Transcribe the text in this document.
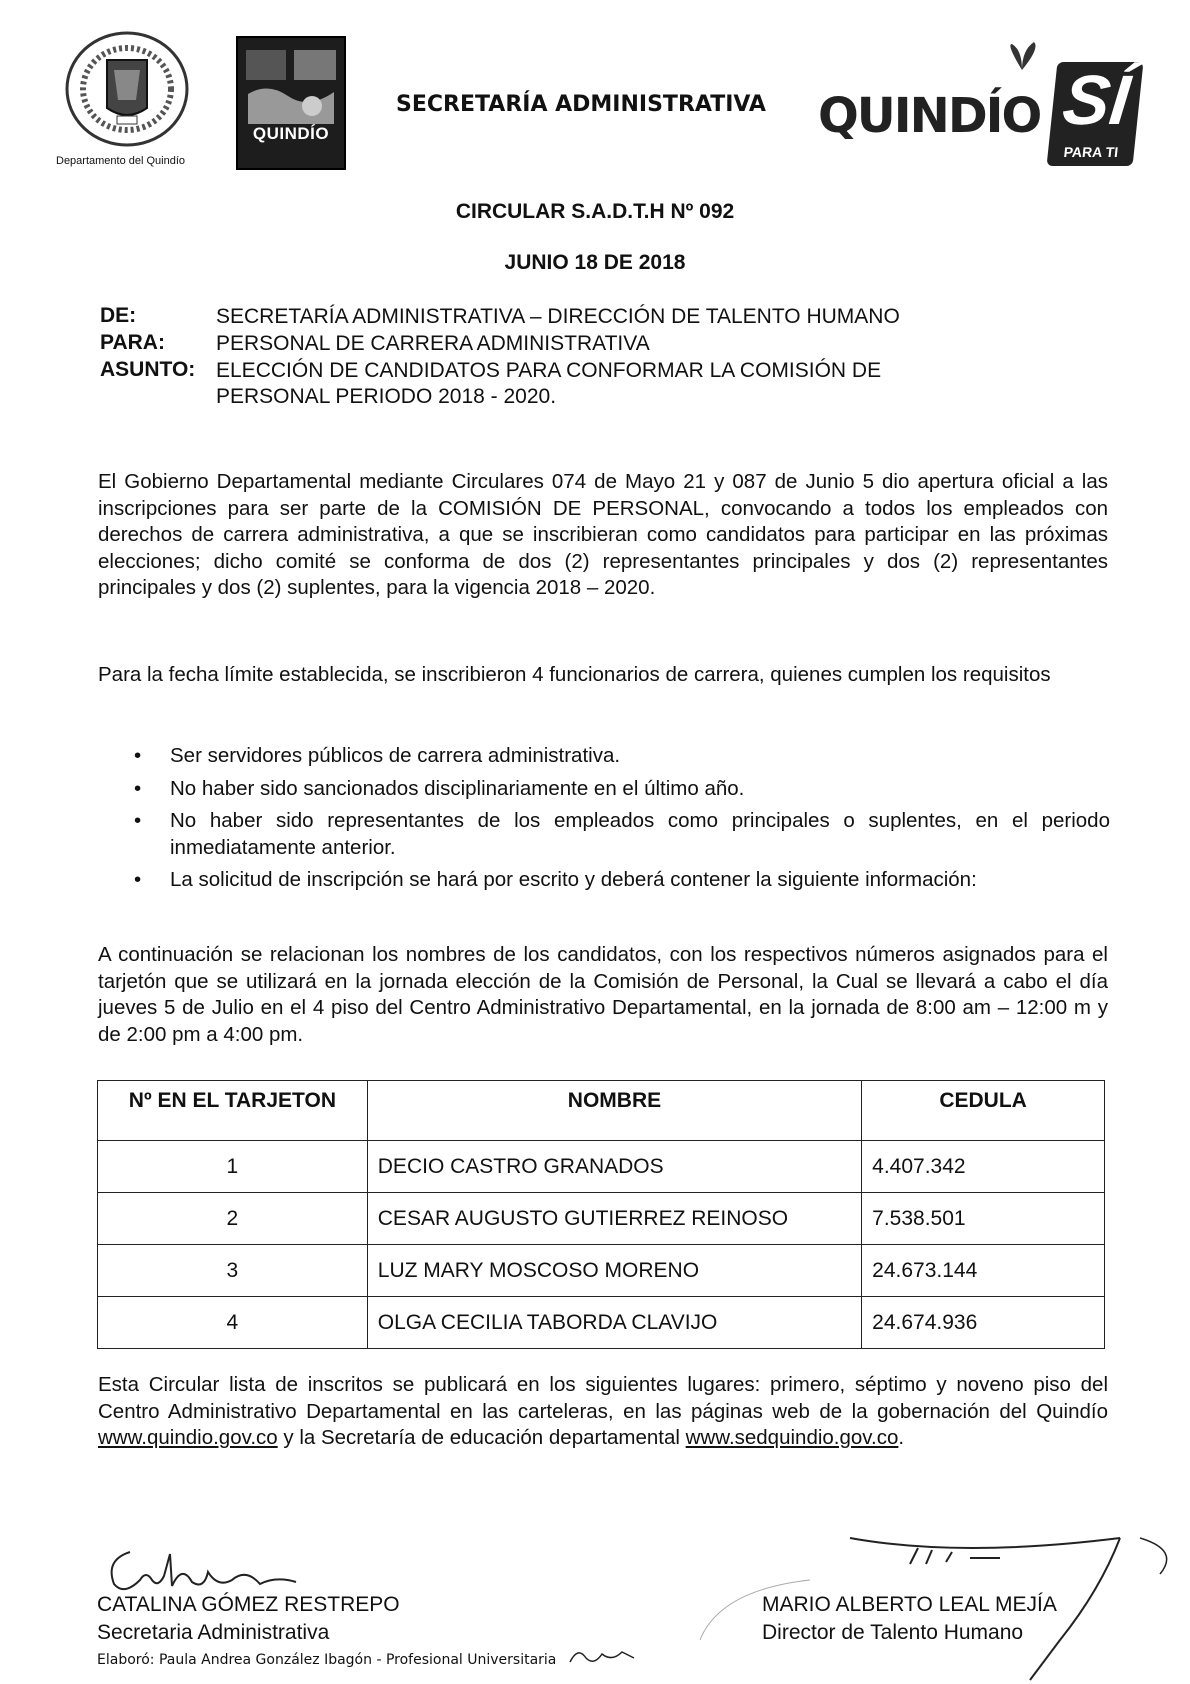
Departamento del Quindío
QUINDÍO

SECRETARÍA ADMINISTRATIVA QUINDÍO SÍ
PARA TI
CIRCULAR S.A.D.T.H Nº 092
JUNIO 18 DE 2018
DE:	SECRETARÍA ADMINISTRATIVA – DIRECCIÓN DE TALENTO HUMANO
PARA: PERSONAL DE CARRERA ADMINISTRATIVA
ASUNTO: ELECCIÓN DE CANDIDATOS PARA CONFORMAR LA COMISIÓN DE
PERSONAL PERIODO 2018 - 2020.
El Gobierno Departamental mediante Circulares 074 de Mayo 21 y 087 de Junio 5 dio apertura oficial a las inscripciones para ser parte de la COMISIÓN DE PERSONAL, convocando a todos los empleados con derechos de carrera administrativa, a que se inscribieran como candidatos para participar en las próximas elecciones; dicho comité se conforma de dos (2) representantes principales y dos (2) representantes principales y dos (2) suplentes, para la vigencia 2018 – 2020.
Para la fecha límite establecida, se inscribieron 4 funcionarios de carrera, quienes cumplen los requisitos
• Ser servidores públicos de carrera administrativa.
• No haber sido sancionados disciplinariamente en el último año.
• No haber sido representantes de los empleados como principales o suplentes, en el periodo inmediatamente anterior.
• La solicitud de inscripción se hará por escrito y deberá contener la siguiente información:
A continuación se relacionan los nombres de los candidatos, con los respectivos números asignados para el tarjetón que se utilizará en la jornada elección de la Comisión de Personal, la Cual se llevará a cabo el día jueves 5 de Julio en el 4 piso del Centro Administrativo Departamental, en la jornada de 8:00 am – 12:00 m y de 2:00 pm a 4:00 pm.
Nº EN EL TARJETON	NOMBRE	CEDULA
1	DECIO CASTRO GRANADOS	4.407.342
2	CESAR AUGUSTO GUTIERREZ REINOSO	7.538.501
3	LUZ MARY MOSCOSO MORENO	24.673.144
4	OLGA CECILIA TABORDA CLAVIJO	24.674.936
Esta Circular lista de inscritos se publicará en los siguientes lugares: primero, séptimo y noveno piso del Centro Administrativo Departamental en las carteleras, en las páginas web de la gobernación del Quindío www.quindio.gov.co y la Secretaría de educación departamental www.sedquindio.gov.co.
CATALINA GÓMEZ RESTREPO
Secretaria Administrativa
MARIO ALBERTO LEAL MEJÍA
Director de Talento Humano
Elaboró: Paula Andrea González Ibagón - Profesional Universitaria
